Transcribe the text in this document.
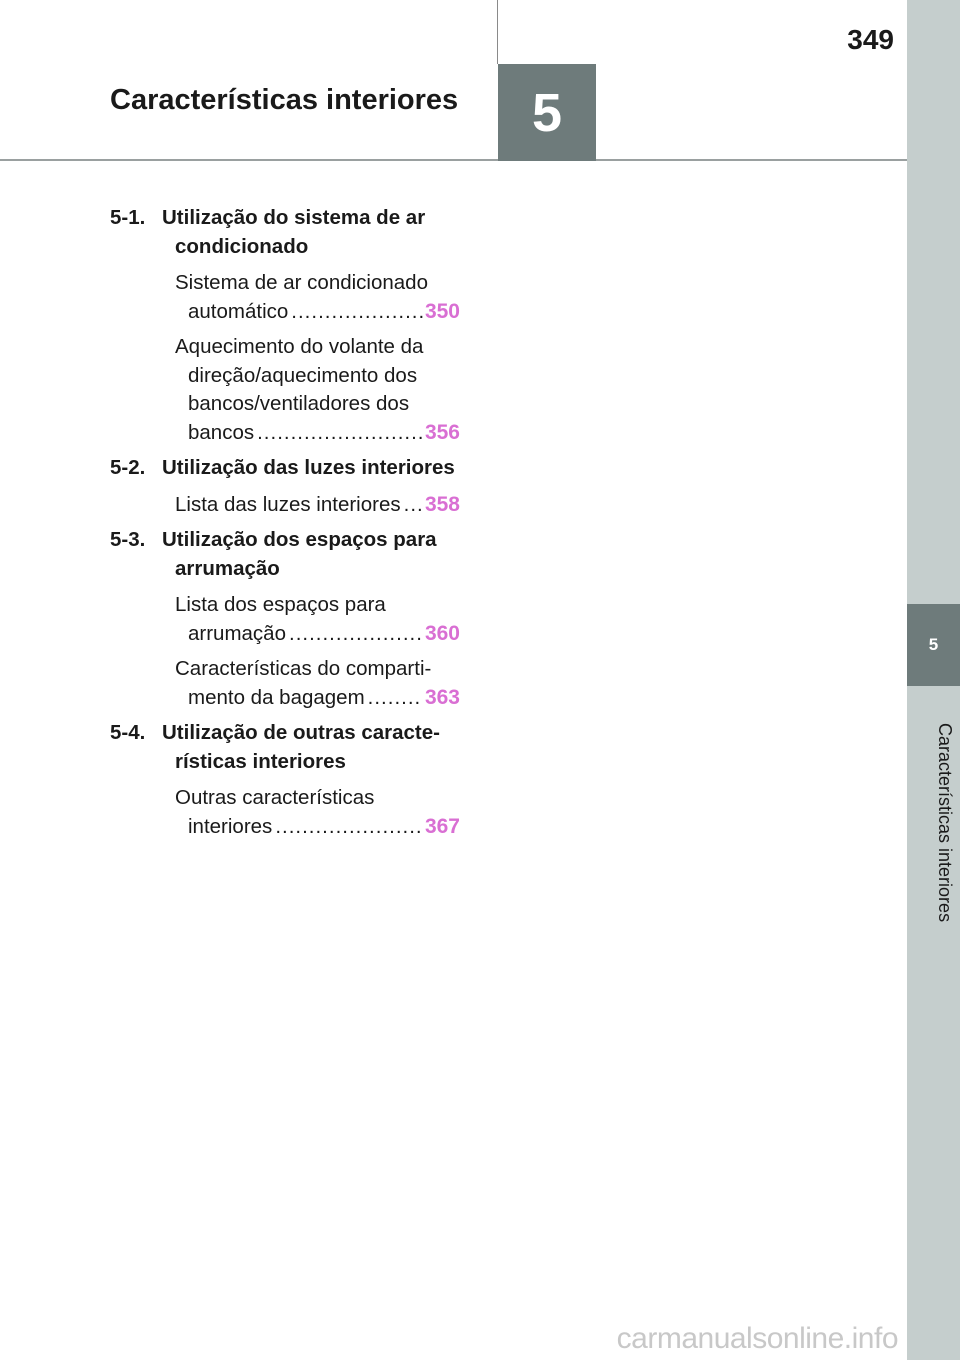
349
Características interiores 5
5
Características interiores
5-1. Utilização do sistema de ar condicionado
Sistema de ar condicionado
automático .....	350
Aquecimento do volante da
direção/aquecimento dos
bancos/ventiladores dos
bancos .....	356
5-2. Utilização das luzes interiores
Lista das luzes interiores ..... 358
5-3. Utilização dos espaços para arrumação
Lista dos espaços para
arrumação .....	360
Características do comparti-
mento da bagagem .....	363
5-4. Utilização de outras caracte- rísticas interiores
Outras características
interiores .....	367
carmanualsonline.info
